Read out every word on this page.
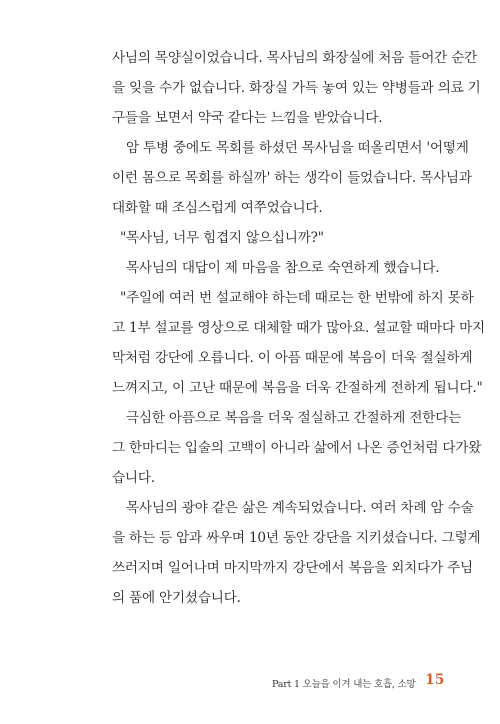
사님의 목양실이었습니다. 목사님의 화장실에 처음 들어간 순간
을 잊을 수가 없습니다. 화장실 가득 놓여 있는 약병들과 의료 기
구들을 보면서 약국 같다는 느낌을 받았습니다.
암 투병 중에도 목회를 하셨던 목사님을 떠올리면서 '어떻게
이런 몸으로 목회를 하실까' 하는 생각이 들었습니다. 목사님과
대화할 때 조심스럽게 여쭈었습니다.
"목사님, 너무 힘겹지 않으십니까?"
목사님의 대답이 제 마음을 참으로 숙연하게 했습니다.
"주일에 여러 번 설교해야 하는데 때로는 한 번밖에 하지 못하
고 1부 설교를 영상으로 대체할 때가 많아요. 설교할 때마다 마지
막처럼 강단에 오릅니다. 이 아픔 때문에 복음이 더욱 절실하게
느껴지고, 이 고난 때문에 복음을 더욱 간절하게 전하게 됩니다."
극심한 아픔으로 복음을 더욱 절실하고 간절하게 전한다는
그 한마디는 입술의 고백이 아니라 삶에서 나온 증언처럼 다가왔
습니다.
목사님의 광야 같은 삶은 계속되었습니다. 여러 차례 암 수술
을 하는 등 암과 싸우며 10년 동안 강단을 지키셨습니다. 그렇게
쓰러지며 일어나며 마지막까지 강단에서 복음을 외치다가 주님
의 품에 안기셨습니다.
Part 1 오늘을 이겨 내는 호흡, 소망 15
